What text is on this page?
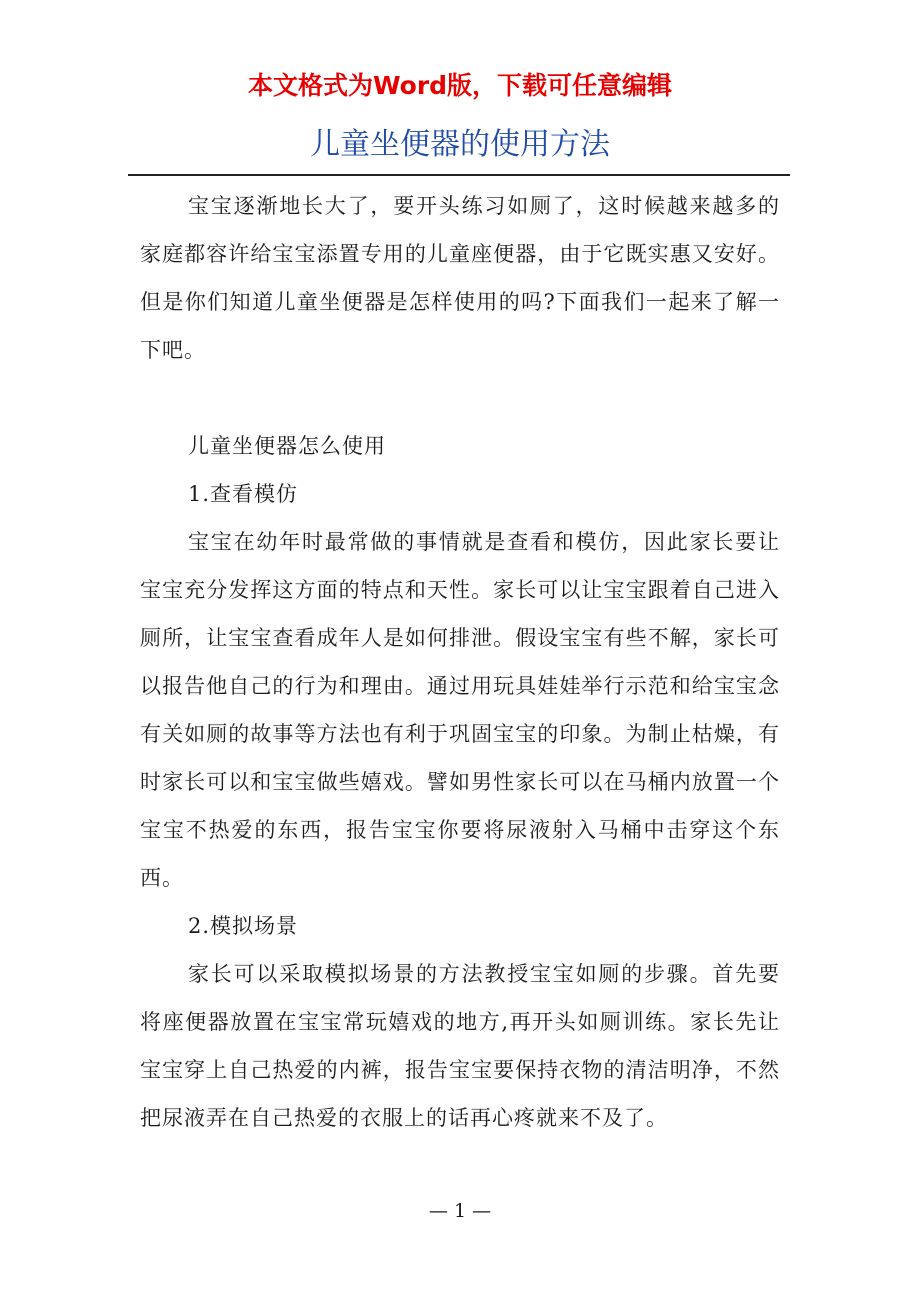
本文格式为Word版，下载可任意编辑
儿童坐便器的使用方法

宝宝逐渐地长大了，要开头练习如厕了，这时候越来越多的家庭都容许给宝宝添置专用的儿童座便器，由于它既实惠又安好。但是你们知道儿童坐便器是怎样使用的吗?下面我们一起来了解一下吧。

儿童坐便器怎么使用

1.查看模仿

宝宝在幼年时最常做的事情就是查看和模仿，因此家长要让宝宝充分发挥这方面的特点和天性。家长可以让宝宝跟着自己进入厕所，让宝宝查看成年人是如何排泄。假设宝宝有些不解，家长可以报告他自己的行为和理由。通过用玩具娃娃举行示范和给宝宝念有关如厕的故事等方法也有利于巩固宝宝的印象。为制止枯燥，有时家长可以和宝宝做些嬉戏。譬如男性家长可以在马桶内放置一个宝宝不热爱的东西，报告宝宝你要将尿液射入马桶中击穿这个东西。

2.模拟场景

家长可以采取模拟场景的方法教授宝宝如厕的步骤。首先要将座便器放置在宝宝常玩嬉戏的地方,再开头如厕训练。家长先让宝宝穿上自己热爱的内裤，报告宝宝要保持衣物的清洁明净，不然把尿液弄在自己热爱的衣服上的话再心疼就来不及了。

— 1 —
